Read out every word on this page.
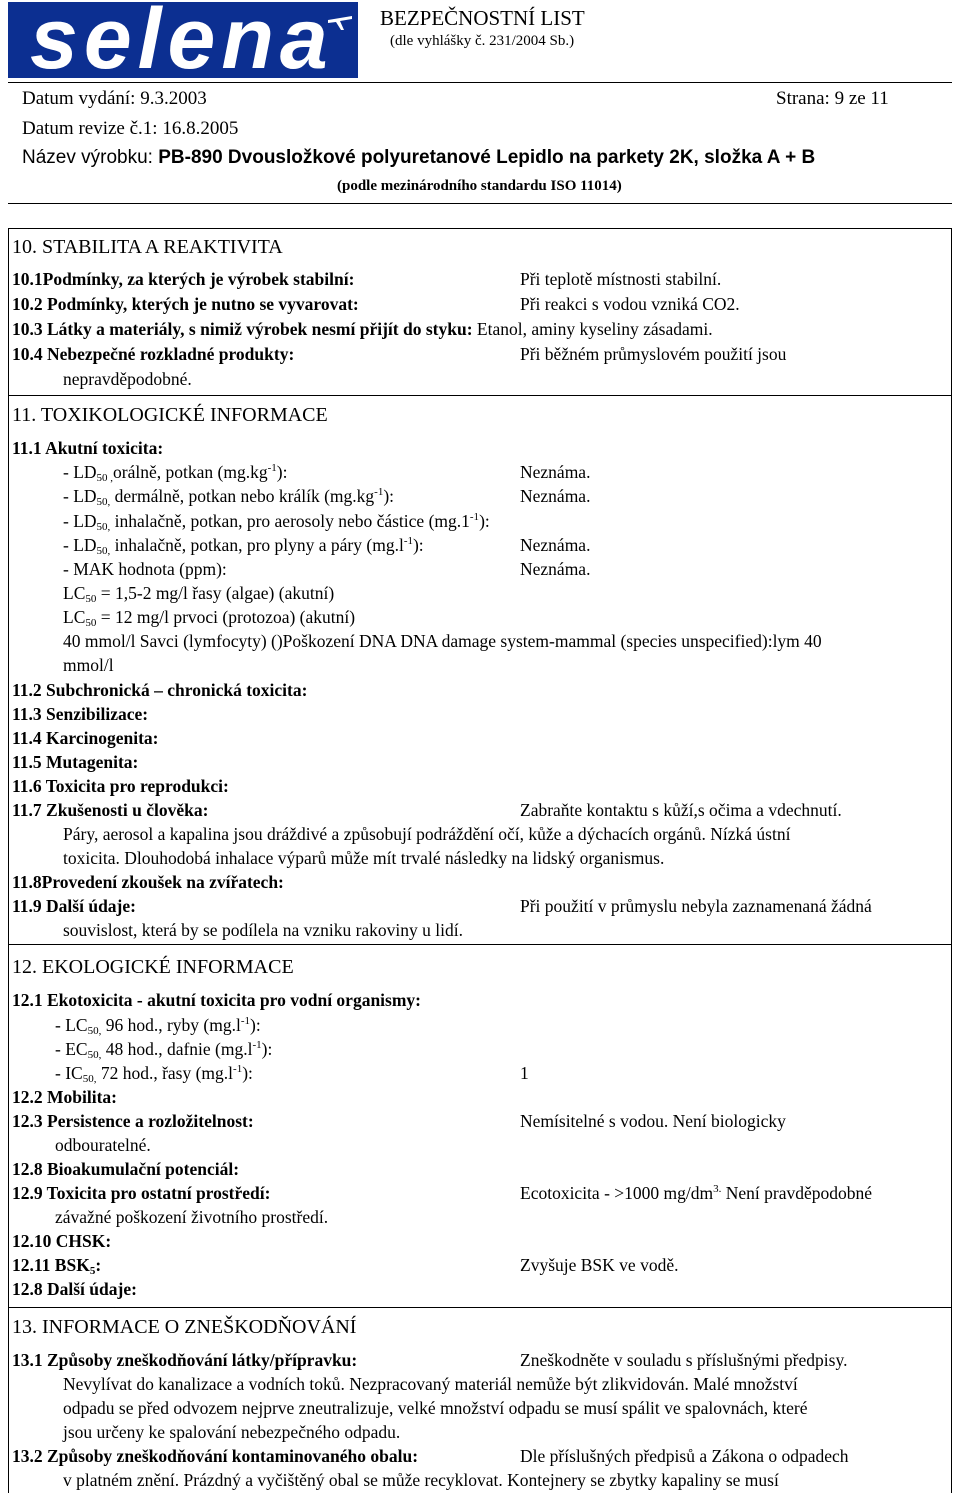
selena BEZPEČNOSTNÍ LIST
(dle vyhlášky č. 231/2004 Sb.)
Datum vydání: 9.3.2003	Strana: 9 ze 11
Datum revize č.1: 16.8.2005
Název výrobku: PB-890 Dvousložkové polyuretanové Lepidlo na parkety 2K, složka A + B
(podle mezinárodního standardu ISO 11014)
10. STABILITA A REAKTIVITA
10.1Podmínky, za kterých je výrobek stabilní:	Při teplotě místnosti stabilní.
10.2 Podmínky, kterých je nutno se vyvarovat:	Při reakci s vodou vzniká CO2.
10.3 Látky a materiály, s nimiž výrobek nesmí přijít do styku: Etanol, aminy kyseliny zásadami.
10.4 Nebezpečné rozkladné produkty:	Při běžném průmyslovém použití jsou
nepravděpodobné.
11. TOXIKOLOGICKÉ INFORMACE
11.1 Akutní toxicita:
- $LD_{50 ,}orá\ln ě$, potkan $(mg.kg^{-1})$:	Neznáma.
- $LD_{50,}$ dermálně, potkan nebo králík $(mg.kg^{-1})$:	Neznáma.
- $LD_{50,}$ inhalačně, potkan, pro aerosoly nebo částice $(mg.1^{-1})$:
- $LD_{50,}$ inhalačně, potkan, pro plyny a páry $(mg.l^{-1})$:	Neznáma.
- MAK hodnota (ppm):	Neznáma.
$LC_{50} = 1,5-2$ mg/l řasy (algae) (akutní)
$LC_{50} = 12$ mg/l prvoci (protozoa) (akutní)
40 mmol/l Savci (lymfocyty) ()Poškození DNA DNA damage system-mammal (species unspecified):lym 40
mmol/l
11.2 Subchronická – chronická toxicita:
11.3 Senzibilizace:
11.4 Karcinogenita:
11.5 Mutagenita:
11.6 Toxicita pro reprodukci:
11.7 Zkušenosti u člověka:	Zabraňte kontaktu s kůží,s očima a vdechnutí.
Páry, aerosol a kapalina jsou dráždivé a způsobují podráždění očí, kůže a dýchacích orgánů. Nízká ústní
toxicita. Dlouhodobá inhalace výparů může mít trvalé následky na lidský organismus.
11.8Provedení zkoušek na zvířatech:
11.9 Další údaje:	Při použití v průmyslu nebyla zaznamenaná žádná
souvislost, která by se podílela na vzniku rakoviny u lidí.
12. EKOLOGICKÉ INFORMACE
12.1 Ekotoxicita - akutní toxicita pro vodní organismy:
- $LC_{50,}$ 96 hod., ryby $(mg.l^{-1})$:
- $EC_{50,}$ 48 hod., dafnie $(mg.l^{-1})$:
- $IC_{50,}$ 72 hod., řasy $(mg.l^{-1})$:	1
12.2 Mobilita:
12.3 Persistence a rozložitelnost:	Nemísitelné s vodou. Není biologicky
odbouratelné.
12.8 Bioakumulační potenciál:
12.9 Toxicita pro ostatní prostředí:	Ecotoxicita - >1000 $mg/dm^{3.}$ Není pravděpodobné
závažné poškození životního prostředí.
12.10 CHSK:
12.11 $BSK_5$:	Zvyšuje BSK ve vodě.
12.8 Další údaje:
13. INFORMACE O ZNEŠKODŇOVÁNÍ
13.1 Způsoby zneškodňování látky/přípravku:	Zneškodněte v souladu s příslušnými předpisy.
Nevylívat do kanalizace a vodních toků. Nezpracovaný materiál nemůže být zlikvidován. Malé množství
odpadu se před odvozem nejprve zneutralizuje, velké množství odpadu se musí spálit ve spalovnách, které
jsou určeny ke spalování nebezpečného odpadu.
13.2 Způsoby zneškodňování kontaminovaného obalu:	Dle příslušných předpisů a Zákona o odpadech
v platném znění. Prázdný a vyčištěný obal se může recyklovat. Kontejnery se zbytky kapaliny se musí
